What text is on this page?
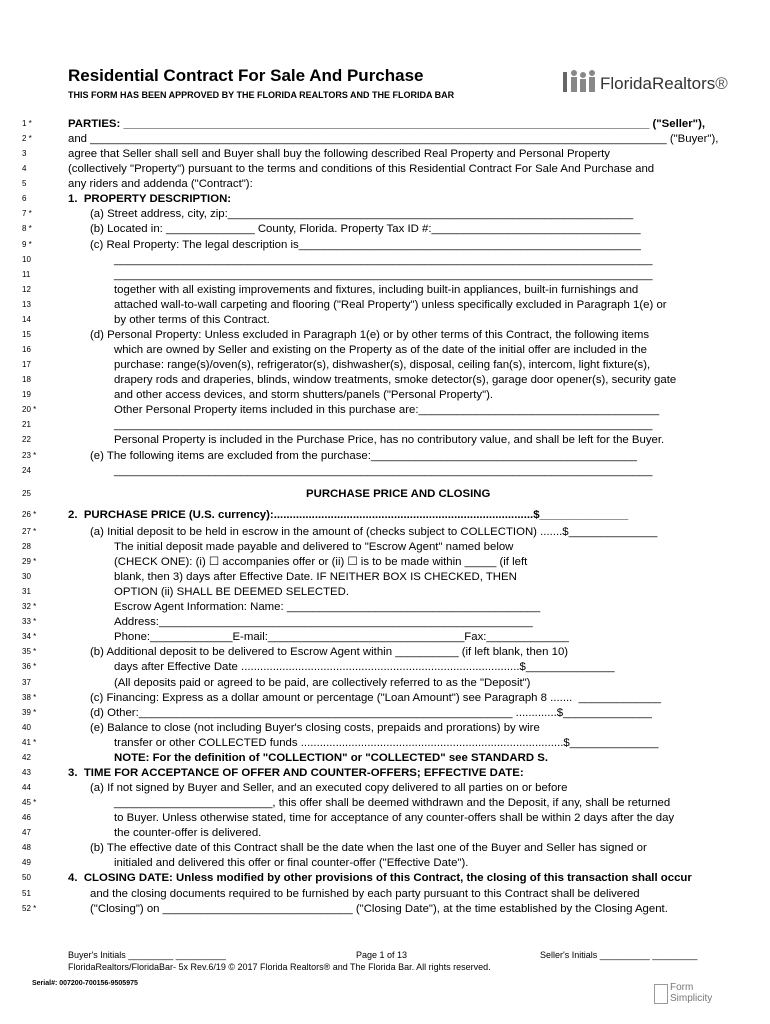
Residential Contract For Sale And Purchase
THIS FORM HAS BEEN APPROVED BY THE FLORIDA REALTORS AND THE FLORIDA BAR
FloridaRealtors®
1 *	PARTIES: ___________________________________________________________________________________ ("Seller"),
2 *	and ___________________________________________________________________________________________ ("Buyer"),
3	agree that Seller shall sell and Buyer shall buy the following described Real Property and Personal Property
4	(collectively "Property") pursuant to the terms and conditions of this Residential Contract For Sale And Purchase and
5	any riders and addenda ("Contract"):
6	1.  PROPERTY DESCRIPTION:
7 *	(a) Street address, city, zip:________________________________________________________________
8 *	(b) Located in: ______________ County, Florida. Property Tax ID #:_________________________________
9 *	(c) Real Property: The legal description is______________________________________________________
10	_____________________________________________________________________________________
11	_____________________________________________________________________________________
12	together with all existing improvements and fixtures, including built-in appliances, built-in furnishings and
13	attached wall-to-wall carpeting and flooring ("Real Property") unless specifically excluded in Paragraph 1(e) or
14	by other terms of this Contract.
15	(d) Personal Property: Unless excluded in Paragraph 1(e) or by other terms of this Contract, the following items
16	which are owned by Seller and existing on the Property as of the date of the initial offer are included in the
17	purchase: range(s)/oven(s), refrigerator(s), dishwasher(s), disposal, ceiling fan(s), intercom, light fixture(s),
18	drapery rods and draperies, blinds, window treatments, smoke detector(s), garage door opener(s), security gate
19	and other access devices, and storm shutters/panels ("Personal Property").
20 *	Other Personal Property items included in this purchase are:______________________________________
21	_____________________________________________________________________________________
22	Personal Property is included in the Purchase Price, has no contributory value, and shall be left for the Buyer.
23 *	(e) The following items are excluded from the purchase:__________________________________________
24	_____________________________________________________________________________________
25	PURCHASE PRICE AND CLOSING
26 *	2.  PURCHASE PRICE (U.S. currency):..................................................................................$______________
27 *	(a) Initial deposit to be held in escrow in the amount of (checks subject to COLLECTION) .......$______________
28	The initial deposit made payable and delivered to "Escrow Agent" named below
29 *	(CHECK ONE): (i) ☐ accompanies offer or (ii) ☐ is to be made within _____ (if left
30	blank, then 3) days after Effective Date. IF NEITHER BOX IS CHECKED, THEN
31	OPTION (ii) SHALL BE DEEMED SELECTED.
32 *	Escrow Agent Information: Name: ________________________________________
33 *	Address:___________________________________________________________
34 *	Phone:_____________E-mail:_______________________________Fax:_____________
35 *	(b) Additional deposit to be delivered to Escrow Agent within __________ (if left blank, then 10)
36 *	days after Effective Date ........................................................................................$______________
37	(All deposits paid or agreed to be paid, are collectively referred to as the "Deposit")
38 *	(c) Financing: Express as a dollar amount or percentage ("Loan Amount") see Paragraph 8 .......  _____________
39 *	(d) Other:___________________________________________________________ .............$______________
40	(e) Balance to close (not including Buyer's closing costs, prepaids and prorations) by wire
41 *	transfer or other COLLECTED funds ...................................................................................$______________
42	NOTE: For the definition of "COLLECTION" or "COLLECTED" see STANDARD S.
43	3.  TIME FOR ACCEPTANCE OF OFFER AND COUNTER-OFFERS; EFFECTIVE DATE:
44	(a) If not signed by Buyer and Seller, and an executed copy delivered to all parties on or before
45 *	_________________________, this offer shall be deemed withdrawn and the Deposit, if any, shall be returned
46	to Buyer. Unless otherwise stated, time for acceptance of any counter-offers shall be within 2 days after the day
47	the counter-offer is delivered.
48	(b) The effective date of this Contract shall be the date when the last one of the Buyer and Seller has signed or
49	initialed and delivered this offer or final counter-offer ("Effective Date").
50	4.  CLOSING DATE: Unless modified by other provisions of this Contract, the closing of this transaction shall occur
51	and the closing documents required to be furnished by each party pursuant to this Contract shall be delivered
52 *	("Closing") on ______________________________ ("Closing Date"), at the time established by the Closing Agent.
Buyer's Initials _________ __________	Page 1 of 13	Seller's Initials __________ _________
FloridaRealtors/FloridaBar- 5x Rev.6/19 © 2017 Florida Realtors® and The Florida Bar. All rights reserved.
Serial#: 007200-700156-9505975	Form
Simplicity
